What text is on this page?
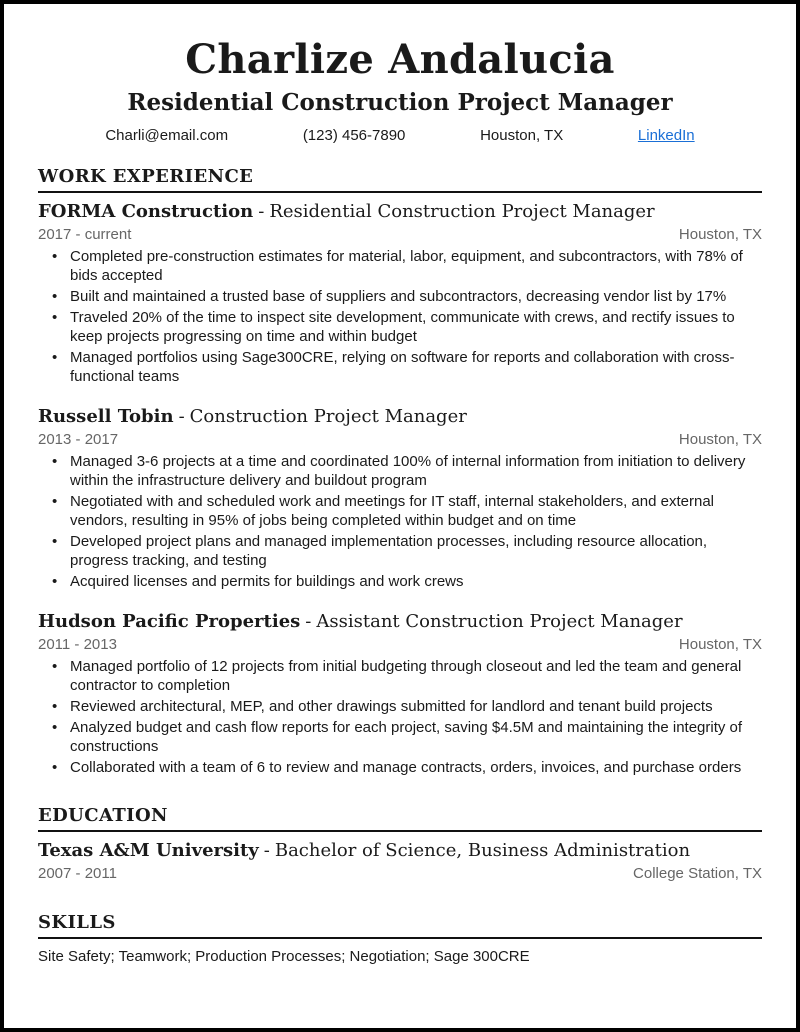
Charlize Andalucia
Residential Construction Project Manager
Charli@email.com	(123) 456-7890	Houston, TX	LinkedIn
WORK EXPERIENCE
FORMA Construction - Residential Construction Project Manager
2017 - current	Houston, TX
• Completed pre-construction estimates for material, labor, equipment, and subcontractors, with 78% of bids accepted
• Built and maintained a trusted base of suppliers and subcontractors, decreasing vendor list by 17%
• Traveled 20% of the time to inspect site development, communicate with crews, and rectify issues to keep projects progressing on time and within budget
• Managed portfolios using Sage300CRE, relying on software for reports and collaboration with cross-functional teams
Russell Tobin - Construction Project Manager
2013 - 2017	Houston, TX
• Managed 3-6 projects at a time and coordinated 100% of internal information from initiation to delivery within the infrastructure delivery and buildout program
• Negotiated with and scheduled work and meetings for IT staff, internal stakeholders, and external vendors, resulting in 95% of jobs being completed within budget and on time
• Developed project plans and managed implementation processes, including resource allocation, progress tracking, and testing
• Acquired licenses and permits for buildings and work crews
Hudson Pacific Properties - Assistant Construction Project Manager
2011 - 2013	Houston, TX
• Managed portfolio of 12 projects from initial budgeting through closeout and led the team and general contractor to completion
• Reviewed architectural, MEP, and other drawings submitted for landlord and tenant build projects
• Analyzed budget and cash flow reports for each project, saving $4.5M and maintaining the integrity of constructions
• Collaborated with a team of 6 to review and manage contracts, orders, invoices, and purchase orders
EDUCATION
Texas A&M University - Bachelor of Science, Business Administration
2007 - 2011	College Station, TX
SKILLS
Site Safety; Teamwork; Production Processes; Negotiation; Sage 300CRE
